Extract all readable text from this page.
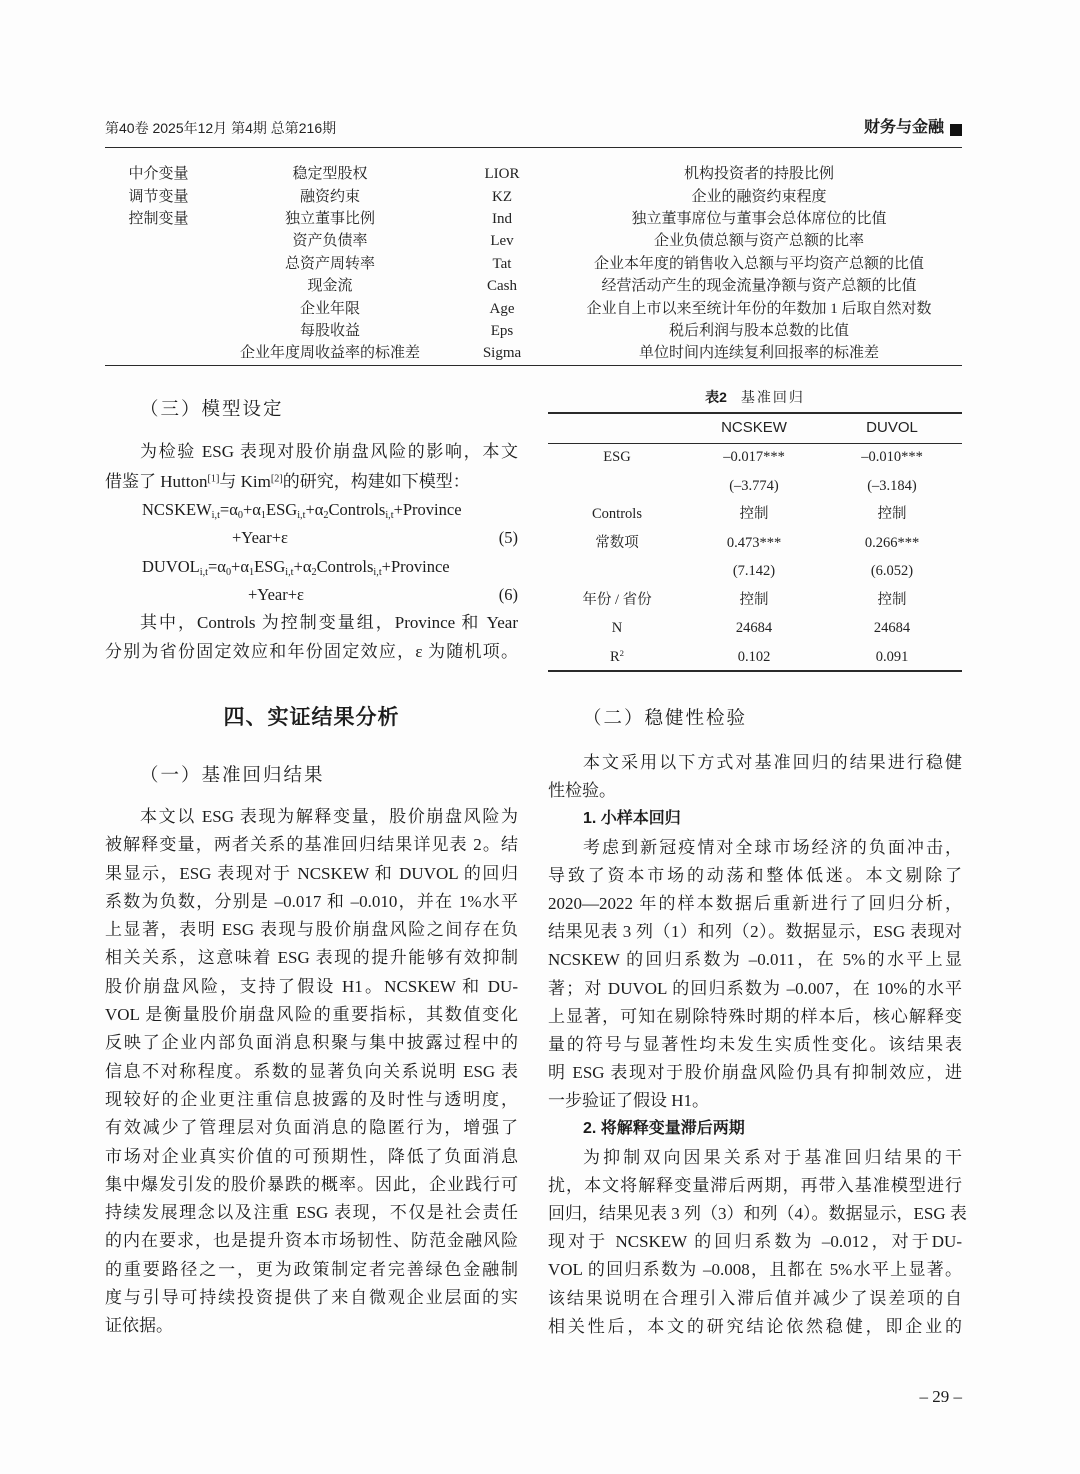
第40卷 2025年12月 第4期 总第216期	财务与金融
中介变量	稳定型股权	LIOR	机构投资者的持股比例
调节变量	融资约束	KZ	企业的融资约束程度
控制变量	独立董事比例	Ind	独立董事席位与董事会总体席位的比值
	资产负债率	Lev	企业负债总额与资产总额的比率
	总资产周转率	Tat	企业本年度的销售收入总额与平均资产总额的比值
	现金流	Cash	经营活动产生的现金流量净额与资产总额的比值
	企业年限	Age	企业自上市以来至统计年份的年数加 1 后取自然对数
	每股收益	Eps	税后利润与股本总数的比值
	企业年度周收益率的标准差	Sigma	单位时间内连续复利回报率的标准差
（三）模型设定
为检验 ESG 表现对股价崩盘风险的影响，本文
借鉴了 Hutton[1]与 Kim[2]的研究，构建如下模型：
$NCSKEW_{i,t}=\alpha_0+\alpha_1ESG_{i,t}+\alpha_2Controls_{i,t}+Province$
+Year+ε	(5)
$DUVOL_{i,t}=\alpha_0+\alpha_1ESG_{i,t}+\alpha_2Controls_{i,t}+Province$
+Year+ε	(6)
其中，Controls 为控制变量组，Province 和 Year
分别为省份固定效应和年份固定效应，ε 为随机项。
四、实证结果分析
（一）基准回归结果
本文以 ESG 表现为解释变量，股价崩盘风险为
被解释变量，两者关系的基准回归结果详见表 2。结
果显示，ESG 表现对于 NCSKEW 和 DUVOL 的回归
系数为负数，分别是 –0.017 和 –0.010，并在 1%水平
上显著，表明 ESG 表现与股价崩盘风险之间存在负
相关关系，这意味着 ESG 表现的提升能够有效抑制
股价崩盘风险，支持了假设 H1。NCSKEW 和 DU-
VOL 是衡量股价崩盘风险的重要指标，其数值变化
反映了企业内部负面消息积聚与集中披露过程中的
信息不对称程度。系数的显著负向关系说明 ESG 表
现较好的企业更注重信息披露的及时性与透明度，
有效减少了管理层对负面消息的隐匿行为，增强了
市场对企业真实价值的可预期性，降低了负面消息
集中爆发引发的股价暴跌的概率。因此，企业践行可
持续发展理念以及注重 ESG 表现，不仅是社会责任
的内在要求，也是提升资本市场韧性、防范金融风险
的重要路径之一，更为政策制定者完善绿色金融制
度与引导可持续投资提供了来自微观企业层面的实
证依据。
表2 基准回归
	NCSKEW	DUVOL
ESG	–0.017***	–0.010***
	(–3.774)	(–3.184)
Controls	控制	控制
常数项	0.473***	0.266***
	(7.142)	(6.052)
年份 / 省份	控制	控制
N	24684	24684
$R^2$	0.102	0.091
（二）稳健性检验
本文采用以下方式对基准回归的结果进行稳健
性检验。
1. 小样本回归
考虑到新冠疫情对全球市场经济的负面冲击，
导致了资本市场的动荡和整体低迷。本文剔除了
2020—2022 年的样本数据后重新进行了回归分析，
结果见表 3 列（1）和列（2）。数据显示，ESG 表现对
NCSKEW 的回归系数为 –0.011，在 5%的水平上显
著；对 DUVOL 的回归系数为 –0.007，在 10%的水平
上显著，可知在剔除特殊时期的样本后，核心解释变
量的符号与显著性均未发生实质性变化。该结果表
明 ESG 表现对于股价崩盘风险仍具有抑制效应，进
一步验证了假设 H1。
2. 将解释变量滞后两期
为抑制双向因果关系对于基准回归结果的干
扰，本文将解释变量滞后两期，再带入基准模型进行
回归，结果见表 3 列（3）和列（4）。数据显示，ESG 表
现对于 NCSKEW 的回归系数为 –0.012，对于DU-
VOL 的回归系数为 –0.008，且都在 5%水平上显著。
该结果说明在合理引入滞后值并减少了误差项的自
相关性后，本文的研究结论依然稳健，即企业的
– 29 –
